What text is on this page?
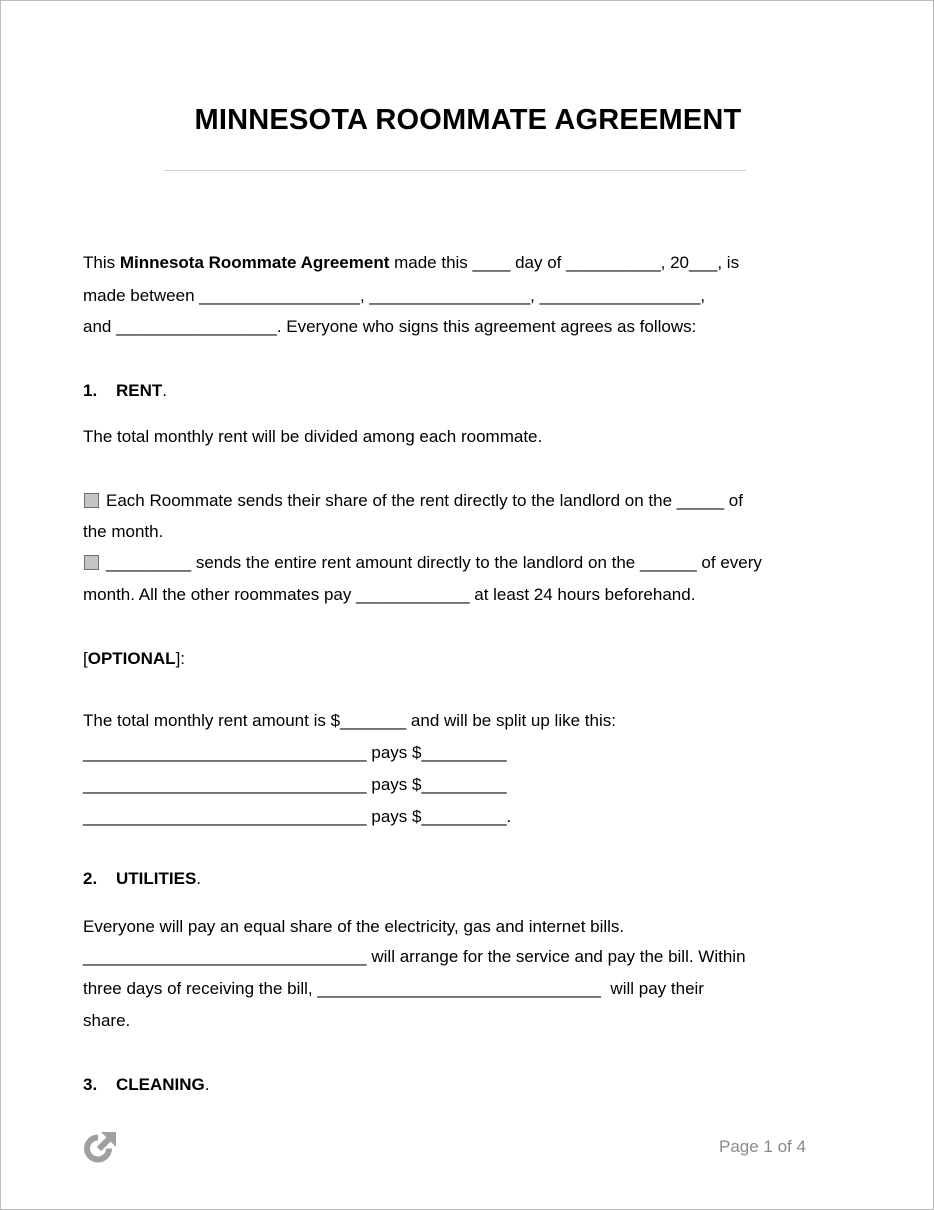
MINNESOTA ROOMMATE AGREEMENT
This Minnesota Roommate Agreement made this ____ day of __________, 20___, is
made between _________________, _________________, _________________,
and _________________. Everyone who signs this agreement agrees as follows:
1. RENT.
The total monthly rent will be divided among each roommate.
Each Roommate sends their share of the rent directly to the landlord on the _____ of
the month.
_________ sends the entire rent amount directly to the landlord on the ______ of every
month. All the other roommates pay ____________ at least 24 hours beforehand.
[OPTIONAL]:
The total monthly rent amount is $_______ and will be split up like this:
______________________________ pays $_________
______________________________ pays $_________
______________________________ pays $_________.
2. UTILITIES.
Everyone will pay an equal share of the electricity, gas and internet bills.
______________________________ will arrange for the service and pay the bill. Within
three days of receiving the bill, ______________________________  will pay their
share.
3. CLEANING.
Page 1 of 4
